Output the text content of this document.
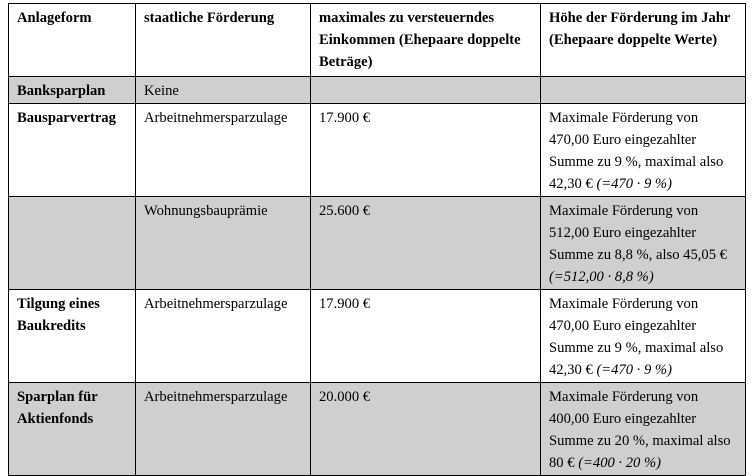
Anlageform	staatliche Förderung	maximales zu versteuerndes Einkommen (Ehepaare doppelte Beträge)	Höhe der Förderung im Jahr (Ehepaare doppelte Werte)
Banksparplan	Keine		
Bausparvertrag	Arbeitnehmersparzulage	17.900 €	Maximale Förderung von 470,00 Euro eingezahlter Summe zu 9 %, maximal also 42,30 € (=470 · 9 %)
	Wohnungsbauprämie	25.600 €	Maximale Förderung von 512,00 Euro eingezahlter Summe zu 8,8 %, also 45,05 € (=512,00 · 8,8 %)
Tilgung eines Baukredits	Arbeitnehmersparzulage	17.900 €	Maximale Förderung von 470,00 Euro eingezahlter Summe zu 9 %, maximal also 42,30 € (=470 · 9 %)
Sparplan für Aktienfonds	Arbeitnehmersparzulage	20.000 €	Maximale Förderung von 400,00 Euro eingezahlter Summe zu 20 %, maximal also 80 € (=400 · 20 %)
